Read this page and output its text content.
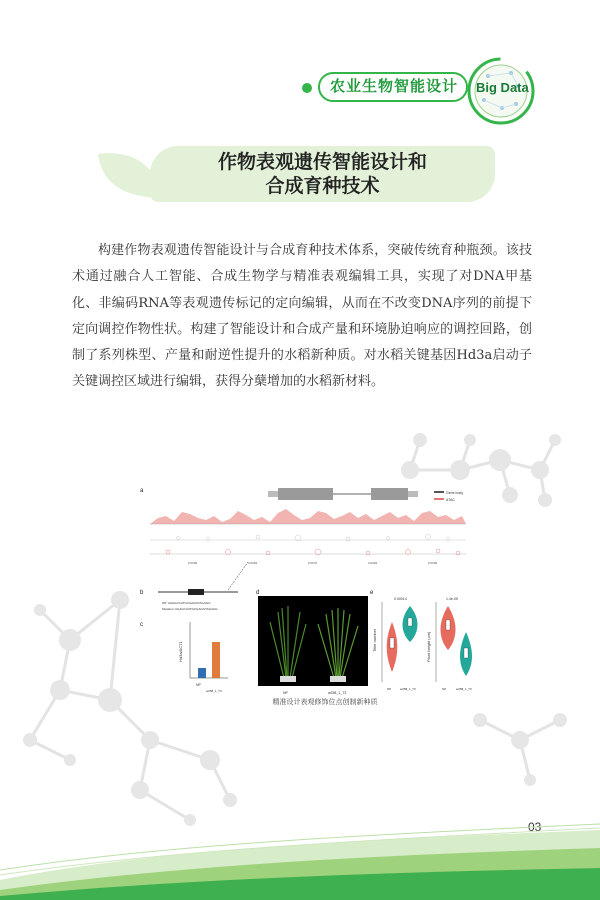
农业生物智能设计 Big Data
作物表观遗传智能设计和
合成育种技术
构建作物表观遗传智能设计与合成育种技术体系，突破传统育种瓶颈。该技术通过融合人工智能、合成生物学与精准表观编辑工具，实现了对DNA甲基化、非编码RNA等表观遗传标记的定向编辑，从而在不改变DNA序列的前提下定向调控作物性状。构建了智能设计和合成产量和环境胁迫响应的调控回路，创制了系列株型、产量和耐逆性提升的水稻新种质。对水稻关键基因Hd3a启动子关键调控区域进行编辑，获得分蘖增加的水稻新材料。
a	Gene body
ATAC
0.0096	0.0084	0.0076	0.0084	0.0096
b
WT: AGAGCCATGCGAGGTAGAGG
Mutation: AGAGCCATGCGAGGTAGAGG
c
Hd3a/ACT1
NP
w258_1_T3
d
NP	w258_1_T3
e
Tiller number
0.00014
NP	w258_1_T3
Plant height (cm)
1.4e-05
NP	w258_1_T3
精准设计表观修饰位点创制新种质
03
